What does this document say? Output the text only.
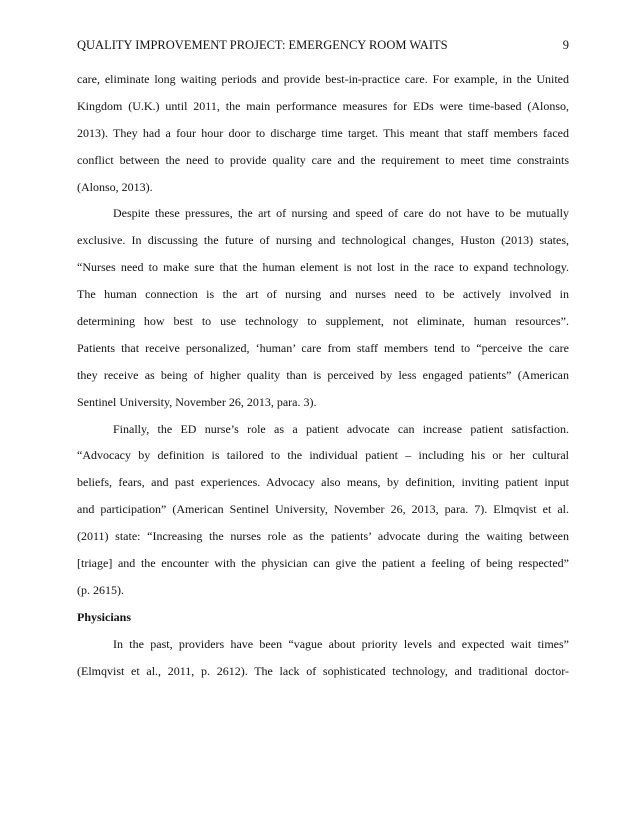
QUALITY IMPROVEMENT PROJECT: EMERGENCY ROOM WAITS	9
care, eliminate long waiting periods and provide best-in-practice care. For example, in the United
Kingdom (U.K.) until 2011, the main performance measures for EDs were time-based (Alonso,
2013). They had a four hour door to discharge time target. This meant that staff members faced
conflict between the need to provide quality care and the requirement to meet time constraints
(Alonso, 2013).
Despite these pressures, the art of nursing and speed of care do not have to be mutually
exclusive. In discussing the future of nursing and technological changes, Huston (2013) states,
“Nurses need to make sure that the human element is not lost in the race to expand technology.
The human connection is the art of nursing and nurses need to be actively involved in
determining how best to use technology to supplement, not eliminate, human resources”.
Patients that receive personalized, ‘human’ care from staff members tend to “perceive the care
they receive as being of higher quality than is perceived by less engaged patients” (American
Sentinel University, November 26, 2013, para. 3).
Finally, the ED nurse’s role as a patient advocate can increase patient satisfaction.
“Advocacy by definition is tailored to the individual patient – including his or her cultural
beliefs, fears, and past experiences. Advocacy also means, by definition, inviting patient input
and participation” (American Sentinel University, November 26, 2013, para. 7). Elmqvist et al.
(2011) state: “Increasing the nurses role as the patients’ advocate during the waiting between
[triage] and the encounter with the physician can give the patient a feeling of being respected”
(p. 2615).
Physicians
In the past, providers have been “vague about priority levels and expected wait times”
(Elmqvist et al., 2011, p. 2612). The lack of sophisticated technology, and traditional doctor-
